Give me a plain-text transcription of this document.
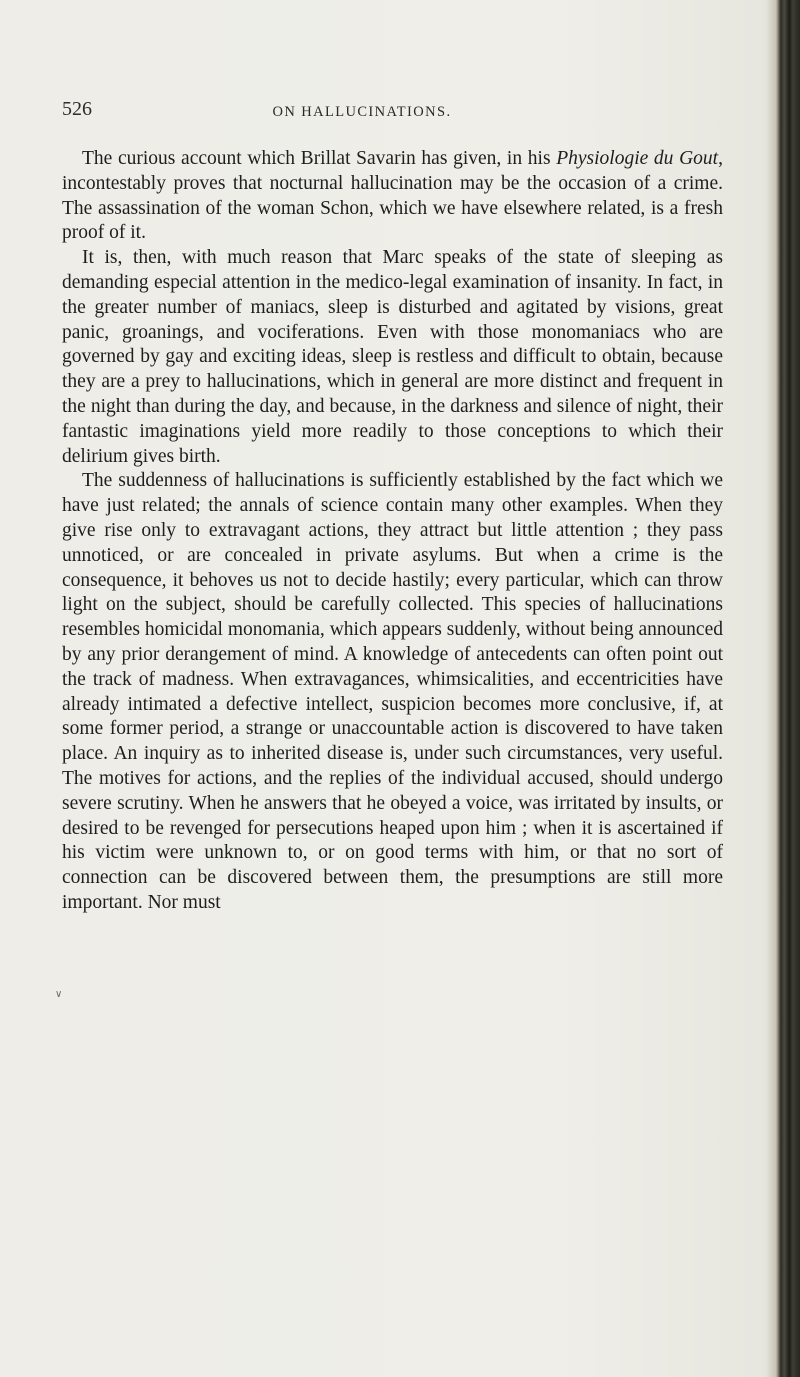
526	ON HALLUCINATIONS.

The curious account which Brillat Savarin has given, in his Physiologie du Gout, incontestably proves that nocturnal hallucination may be the occasion of a crime. The assassination of the woman Schon, which we have elsewhere related, is a fresh proof of it.

It is, then, with much reason that Marc speaks of the state of sleeping as demanding especial attention in the medico-legal examination of insanity. In fact, in the greater number of maniacs, sleep is disturbed and agitated by visions, great panic, groanings, and vociferations. Even with those monomaniacs who are governed by gay and exciting ideas, sleep is restless and difficult to obtain, because they are a prey to hallucinations, which in general are more distinct and frequent in the night than during the day, and because, in the darkness and silence of night, their fantastic imaginations yield more readily to those conceptions to which their delirium gives birth.

The suddenness of hallucinations is sufficiently established by the fact which we have just related; the annals of science contain many other examples. When they give rise only to extravagant actions, they attract but little attention ; they pass unnoticed, or are concealed in private asylums. But when a crime is the consequence, it behoves us not to decide hastily; every particular, which can throw light on the subject, should be carefully collected. This species of hallucinations resembles homicidal monomania, which appears suddenly, without being announced by any prior derangement of mind. A knowledge of antecedents can often point out the track of madness. When extravagances, whimsicalities, and eccentricities have already intimated a defective intellect, suspicion becomes more conclusive, if, at some former period, a strange or unaccountable action is discovered to have taken place. An inquiry as to inherited disease is, under such circumstances, very useful. The motives for actions, and the replies of the individual accused, should undergo severe scrutiny. When he answers that he obeyed a voice, was irritated by insults, or desired to be revenged for persecutions heaped upon him ; when it is ascertained if his victim were unknown to, or on good terms with him, or that no sort of connection can be discovered between them, the presumptions are still more important. Nor must

∨
